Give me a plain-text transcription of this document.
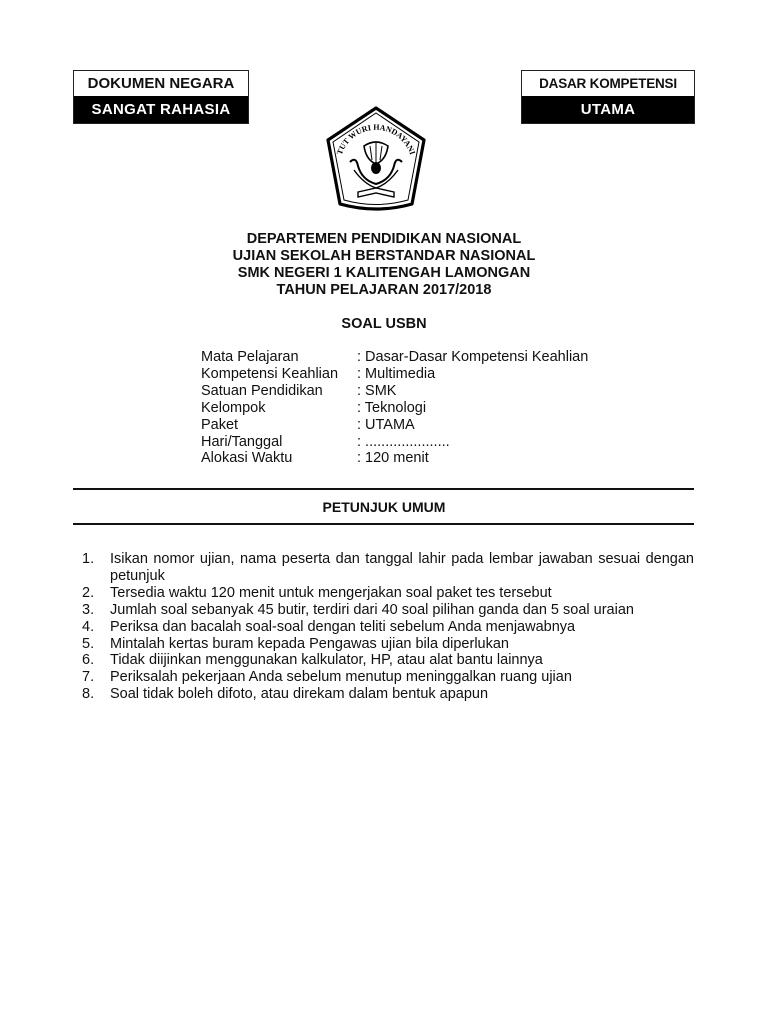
DOKUMEN NEGARA
SANGAT RAHASIA
DASAR KOMPETENSI
UTAMA
TUT WURI HANDAYANI
DEPARTEMEN PENDIDIKAN NASIONAL
UJIAN SEKOLAH BERSTANDAR NASIONAL
SMK NEGERI 1 KALITENGAH LAMONGAN
TAHUN PELAJARAN 2017/2018
SOAL USBN
Mata Pelajaran	: Dasar-Dasar Kompetensi Keahlian
Kompetensi Keahlian	: Multimedia
Satuan Pendidikan	: SMK
Kelompok	: Teknologi
Paket	: UTAMA
Hari/Tanggal	: .....................
Alokasi Waktu	: 120 menit
PETUNJUK UMUM
1.	Isikan nomor ujian, nama peserta dan tanggal lahir pada lembar jawaban sesuai dengan petunjuk
2.	Tersedia waktu 120 menit untuk mengerjakan soal paket tes tersebut
3.	Jumlah soal sebanyak 45 butir, terdiri dari 40 soal pilihan ganda dan 5 soal uraian
4.	Periksa dan bacalah soal-soal dengan teliti sebelum Anda menjawabnya
5.	Mintalah kertas buram kepada Pengawas ujian bila diperlukan
6.	Tidak diijinkan menggunakan kalkulator, HP, atau alat bantu lainnya
7.	Periksalah pekerjaan Anda sebelum menutup meninggalkan ruang ujian
8.	Soal tidak boleh difoto, atau direkam dalam bentuk apapun
